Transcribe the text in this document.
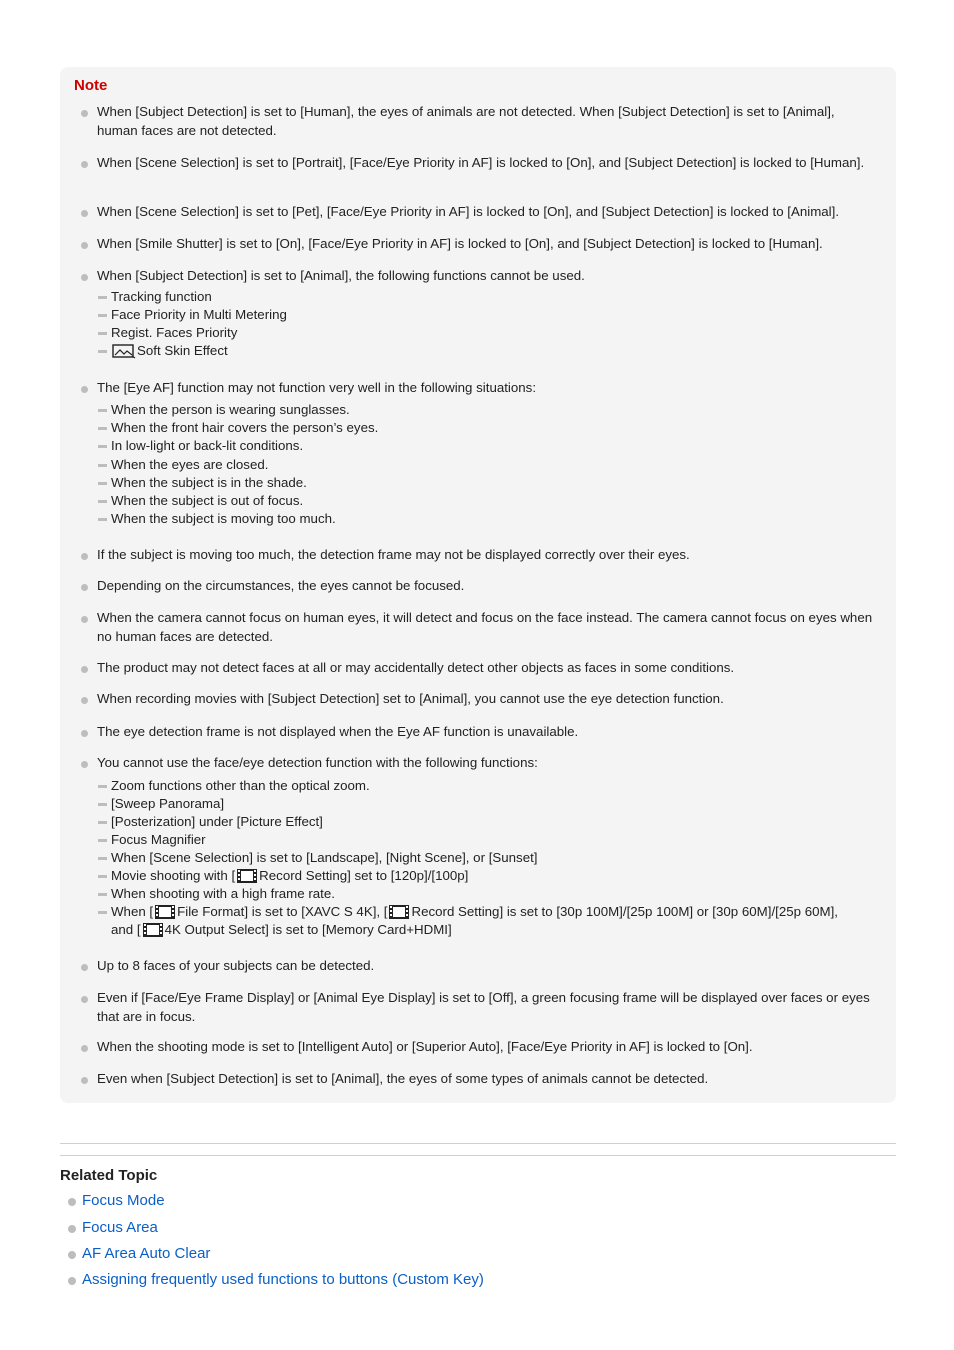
Note
When [Subject Detection] is set to [Human], the eyes of animals are not detected. When [Subject Detection] is set to [Animal], human faces are not detected.
When [Scene Selection] is set to [Portrait], [Face/Eye Priority in AF] is locked to [On], and [Subject Detection] is locked to [Human].
When [Scene Selection] is set to [Pet], [Face/Eye Priority in AF] is locked to [On], and [Subject Detection] is locked to [Animal].
When [Smile Shutter] is set to [On], [Face/Eye Priority in AF] is locked to [On], and [Subject Detection] is locked to [Human].
When [Subject Detection] is set to [Animal], the following functions cannot be used.
Tracking function
Face Priority in Multi Metering
Regist. Faces Priority
Soft Skin Effect
The [Eye AF] function may not function very well in the following situations:
When the person is wearing sunglasses.
When the front hair covers the person’s eyes.
In low-light or back-lit conditions.
When the eyes are closed.
When the subject is in the shade.
When the subject is out of focus.
When the subject is moving too much.
If the subject is moving too much, the detection frame may not be displayed correctly over their eyes.
Depending on the circumstances, the eyes cannot be focused.
When the camera cannot focus on human eyes, it will detect and focus on the face instead. The camera cannot focus on eyes when no human faces are detected.
The product may not detect faces at all or may accidentally detect other objects as faces in some conditions.
When recording movies with [Subject Detection] set to [Animal], you cannot use the eye detection function.
The eye detection frame is not displayed when the Eye AF function is unavailable.
You cannot use the face/eye detection function with the following functions:
Zoom functions other than the optical zoom.
[Sweep Panorama]
[Posterization] under [Picture Effect]
Focus Magnifier
When [Scene Selection] is set to [Landscape], [Night Scene], or [Sunset]
Movie shooting with [ Record Setting] set to [120p]/[100p]
When shooting with a high frame rate.
When [ File Format] is set to [XAVC S 4K], [ Record Setting] is set to [30p 100M]/[25p 100M] or [30p 60M]/[25p 60M],
and [ 4K Output Select] is set to [Memory Card+HDMI]
Up to 8 faces of your subjects can be detected.
Even if [Face/Eye Frame Display] or [Animal Eye Display] is set to [Off], a green focusing frame will be displayed over faces or eyes that are in focus.
When the shooting mode is set to [Intelligent Auto] or [Superior Auto], [Face/Eye Priority in AF] is locked to [On].
Even when [Subject Detection] is set to [Animal], the eyes of some types of animals cannot be detected.
Related Topic
Focus Mode
Focus Area
AF Area Auto Clear
Assigning frequently used functions to buttons (Custom Key)
